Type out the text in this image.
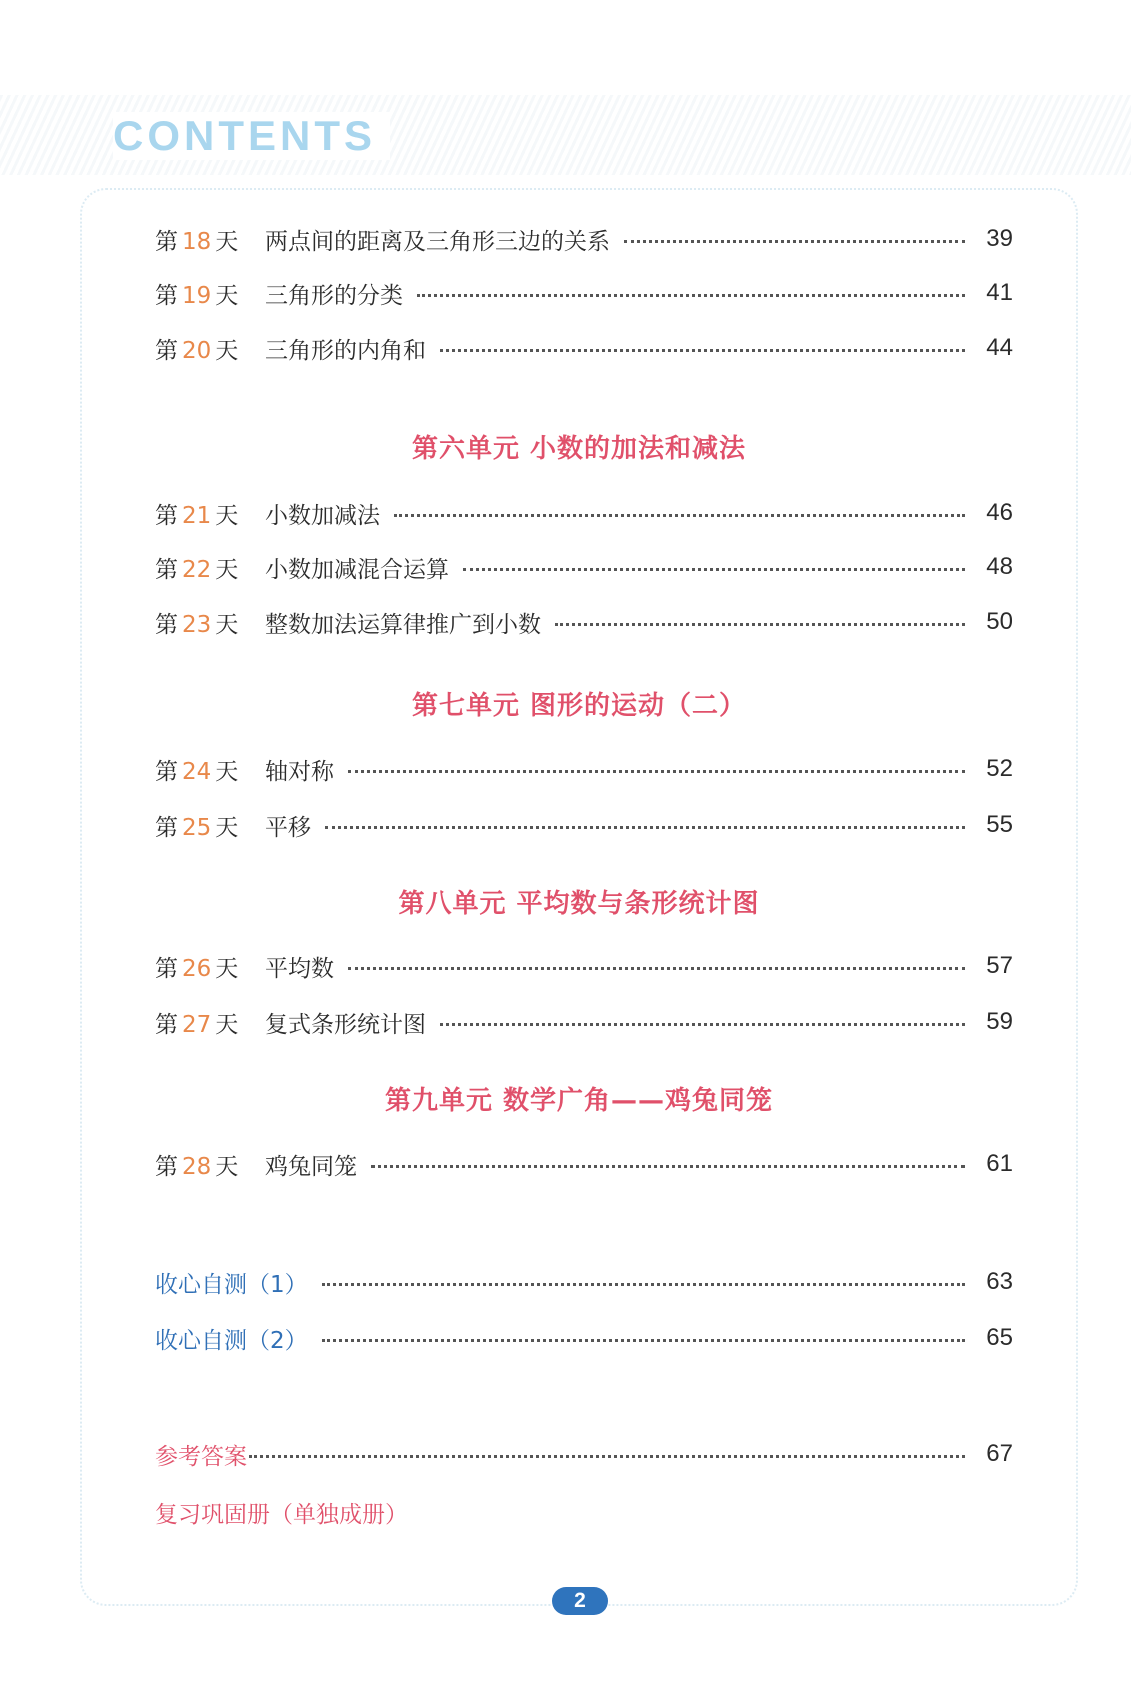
CONTENTS
第 18 天	两点间的距离及三角形三边的关系	39
第 19 天	三角形的分类	41
第 20 天	三角形的内角和	44
第六单元 小数的加法和减法
第 21 天	小数加减法	46
第 22 天	小数加减混合运算	48
第 23 天	整数加法运算律推广到小数	50
第七单元 图形的运动（二）
第 24 天	轴对称	52
第 25 天	平移	55
第八单元 平均数与条形统计图
第 26 天	平均数	57
第 27 天	复式条形统计图	59
第九单元 数学广角——鸡兔同笼
第 28 天	鸡兔同笼	61
收心自测（1）	63
收心自测（2）	65
参考答案	67
复习巩固册（单独成册）
2
